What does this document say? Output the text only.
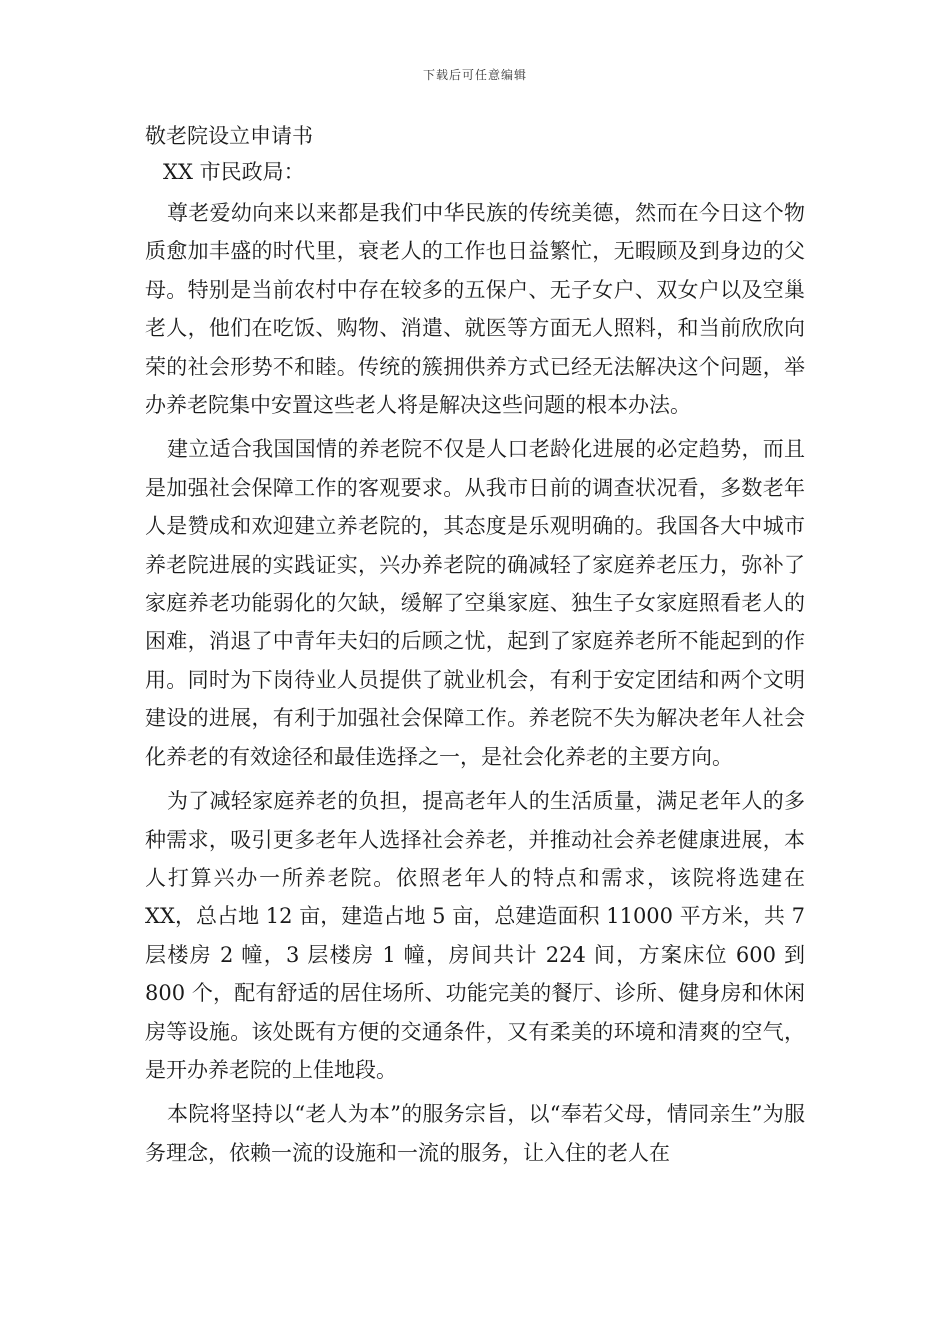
下载后可任意编辑
敬老院设立申请书

XX 市民政局：

尊老爱幼向来以来都是我们中华民族的传统美德，然而在今日这个物质愈加丰盛的时代里，衰老人的工作也日益繁忙，无暇顾及到身边的父母。特别是当前农村中存在较多的五保户、无子女户、双女户以及空巢老人，他们在吃饭、购物、消遣、就医等方面无人照料，和当前欣欣向荣的社会形势不和睦。传统的簇拥供养方式已经无法解决这个问题，举办养老院集中安置这些老人将是解决这些问题的根本办法。

建立适合我国国情的养老院不仅是人口老龄化进展的必定趋势，而且是加强社会保障工作的客观要求。从我市日前的调查状况看，多数老年人是赞成和欢迎建立养老院的，其态度是乐观明确的。我国各大中城市养老院进展的实践证实，兴办养老院的确减轻了家庭养老压力，弥补了家庭养老功能弱化的欠缺，缓解了空巢家庭、独生子女家庭照看老人的困难，消退了中青年夫妇的后顾之忧，起到了家庭养老所不能起到的作用。同时为下岗待业人员提供了就业机会，有利于安定团结和两个文明建设的进展，有利于加强社会保障工作。养老院不失为解决老年人社会化养老的有效途径和最佳选择之一，是社会化养老的主要方向。

为了减轻家庭养老的负担，提高老年人的生活质量，满足老年人的多种需求，吸引更多老年人选择社会养老，并推动社会养老健康进展，本人打算兴办一所养老院。依照老年人的特点和需求，该院将选建在 XX，总占地 12 亩，建造占地 5 亩，总建造面积 11000 平方米，共 7 层楼房 2 幢，3 层楼房 1 幢，房间共计 224 间，方案床位 600 到 800 个，配有舒适的居住场所、功能完美的餐厅、诊所、健身房和休闲房等设施。该处既有方便的交通条件，又有柔美的环境和清爽的空气，是开办养老院的上佳地段。

本院将坚持以“老人为本”的服务宗旨，以“奉若父母，情同亲生”为服务理念，依赖一流的设施和一流的服务，让入住的老人在
